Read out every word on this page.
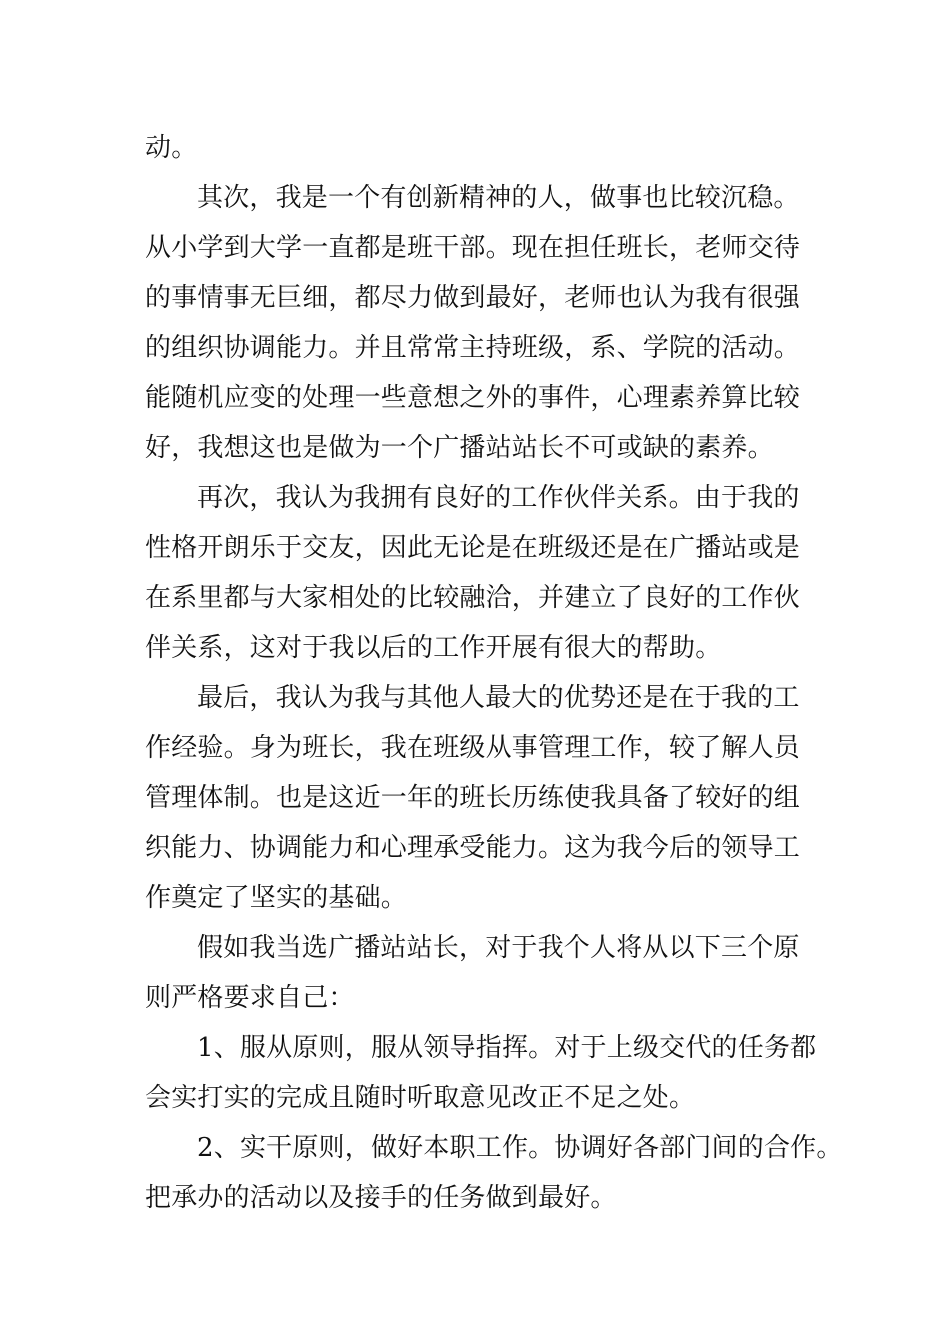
动。
其次，我是一个有创新精神的人，做事也比较沉稳。
从小学到大学一直都是班干部。现在担任班长，老师交待
的事情事无巨细，都尽力做到最好，老师也认为我有很强
的组织协调能力。并且常常主持班级，系、学院的活动。
能随机应变的处理一些意想之外的事件，心理素养算比较
好，我想这也是做为一个广播站站长不可或缺的素养。
再次，我认为我拥有良好的工作伙伴关系。由于我的
性格开朗乐于交友，因此无论是在班级还是在广播站或是
在系里都与大家相处的比较融洽，并建立了良好的工作伙
伴关系，这对于我以后的工作开展有很大的帮助。
最后，我认为我与其他人最大的优势还是在于我的工
作经验。身为班长，我在班级从事管理工作，较了解人员
管理体制。也是这近一年的班长历练使我具备了较好的组
织能力、协调能力和心理承受能力。这为我今后的领导工
作奠定了坚实的基础。
假如我当选广播站站长，对于我个人将从以下三个原
则严格要求自己：
1、服从原则，服从领导指挥。对于上级交代的任务都
会实打实的完成且随时听取意见改正不足之处。
2、实干原则，做好本职工作。协调好各部门间的合作。
把承办的活动以及接手的任务做到最好。
